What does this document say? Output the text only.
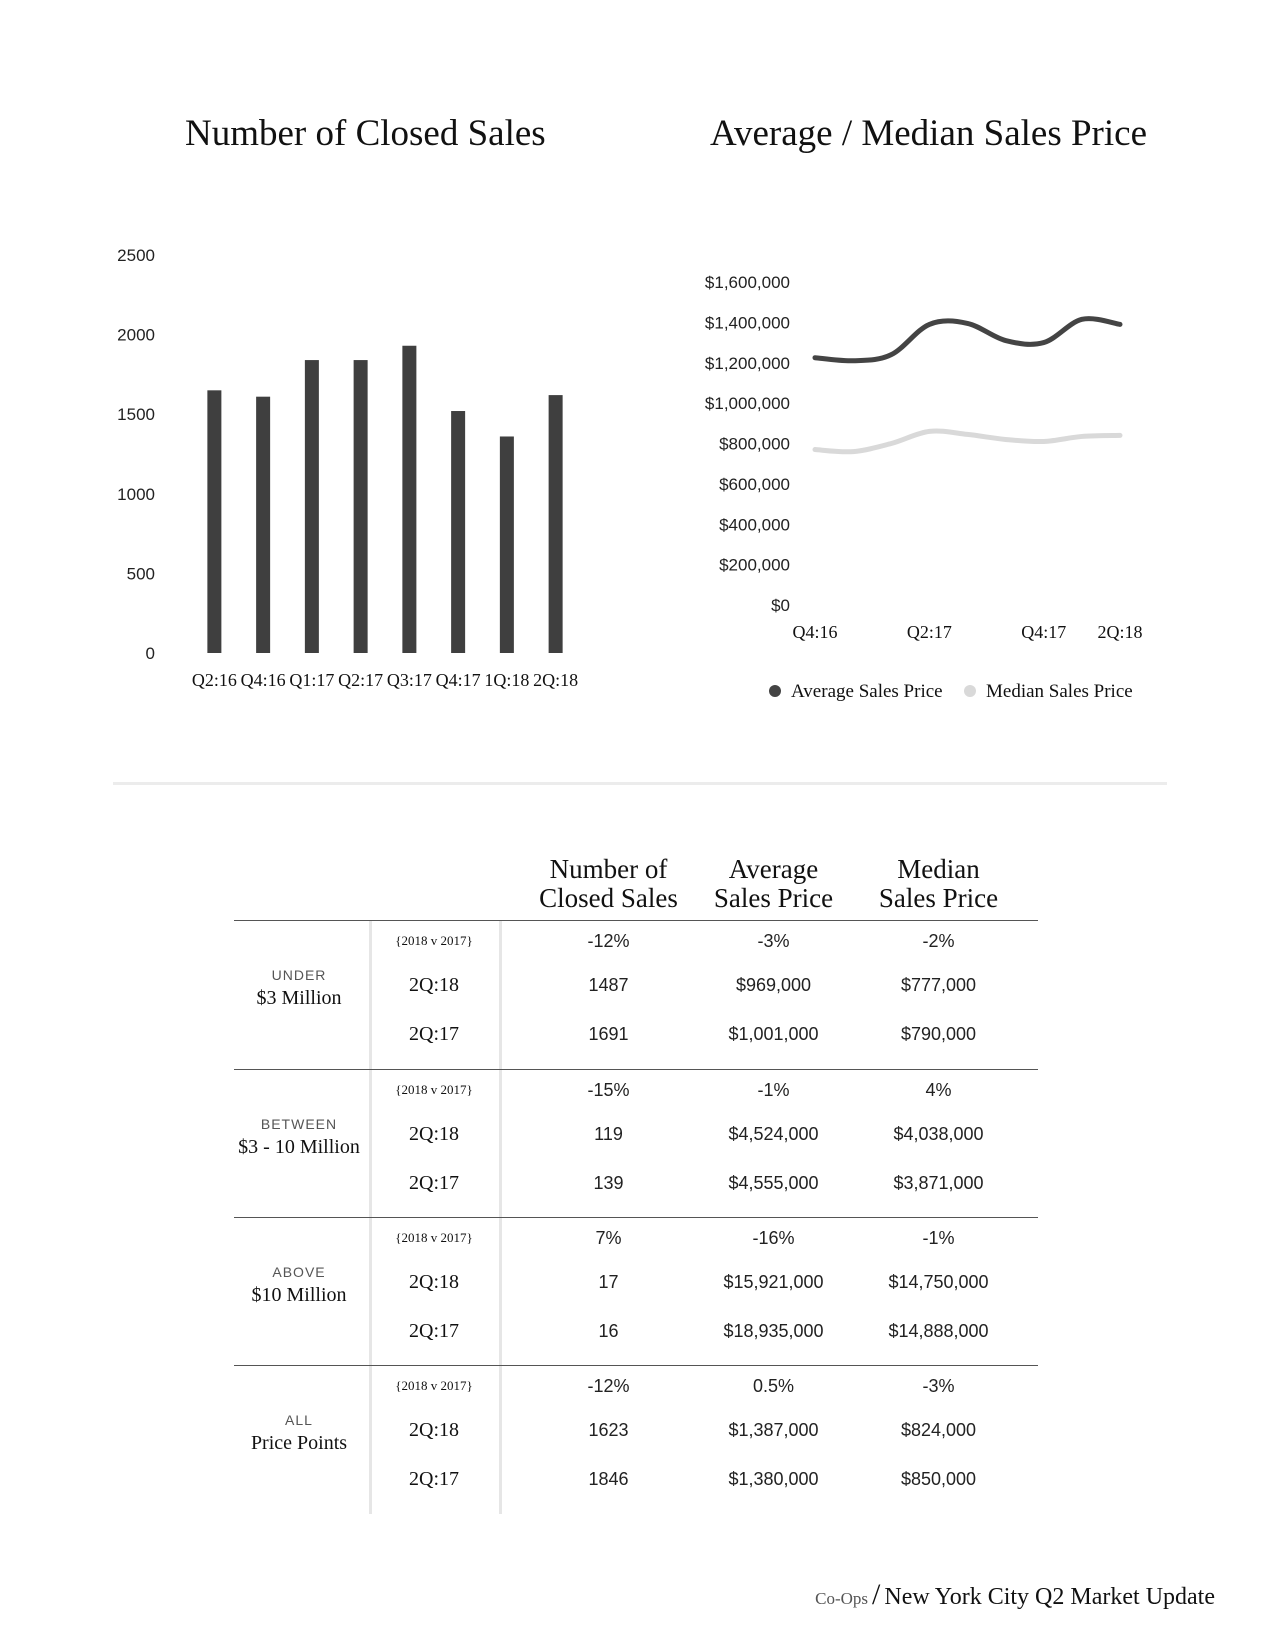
Number of Closed Sales	Average / Median Sales Price
0
500
1000
1500
2000
2500
Q2:16 Q4:16 Q1:17 Q2:17 Q3:17 Q4:17 1Q:18 2Q:18
$0
$200,000
$400,000
$600,000
$800,000
$1,000,000
$1,200,000
$1,400,000
$1,600,000
Q4:16	Q2:17	Q4:17 2Q:18
Average Sales Price Median Sales Price
Number of
Closed Sales
Average
Sales Price
Median
Sales Price
UNDER
$3 Million
{2018 v 2017}	-12%	-3%	-2%
2Q:18	1487	$969,000	$777,000
2Q:17	1691	$1,001,000	$790,000
BETWEEN
$3 - 10 Million
{2018 v 2017}	-15%	-1%	4%
2Q:18	119	$4,524,000	$4,038,000
2Q:17	139	$4,555,000	$3,871,000
ABOVE
$10 Million
{2018 v 2017}	7%	-16%	-1%
2Q:18	17	$15,921,000	$14,750,000
2Q:17	16	$18,935,000	$14,888,000
ALL
Price Points
{2018 v 2017}	-12%	0.5%	-3%
2Q:18	1623	$1,387,000	$824,000
2Q:17	1846	$1,380,000	$850,000
Co-Ops / New York City Q2 Market Update
